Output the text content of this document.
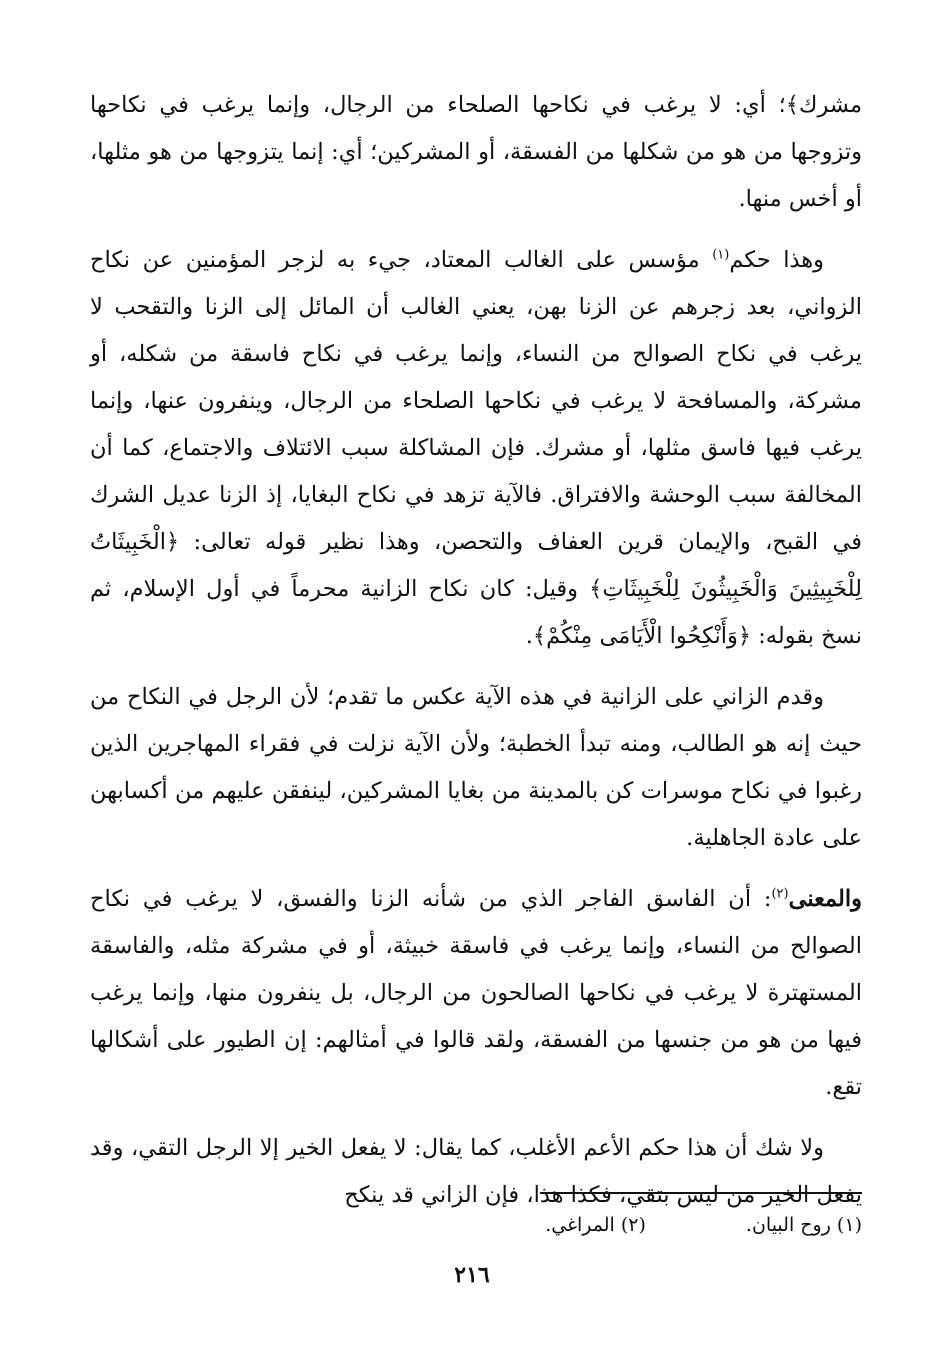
مشرك﴾؛ أي: لا يرغب في نكاحها الصلحاء من الرجال، وإنما يرغب في نكاحها وتزوجها من هو من شكلها من الفسقة، أو المشركين؛ أي: إنما يتزوجها من هو مثلها، أو أخس منها.

وهذا حكم$^{(١)}$ مؤسس على الغالب المعتاد، جيء به لزجر المؤمنين عن نكاح الزواني، بعد زجرهم عن الزنا بهن، يعني الغالب أن المائل إلى الزنا والتقحب لا يرغب في نكاح الصوالح من النساء، وإنما يرغب في نكاح فاسقة من شكله، أو مشركة، والمسافحة لا يرغب في نكاحها الصلحاء من الرجال، وينفرون عنها، وإنما يرغب فيها فاسق مثلها، أو مشرك. فإن المشاكلة سبب الائتلاف والاجتماع، كما أن المخالفة سبب الوحشة والافتراق. فالآية تزهد في نكاح البغايا، إذ الزنا عديل الشرك في القبح، والإيمان قرين العفاف والتحصن، وهذا نظير قوله تعالى: ﴿الْخَبِيثَاتُ لِلْخَبِيثِينَ وَالْخَبِيثُونَ لِلْخَبِيثَاتِ﴾ وقيل: كان نكاح الزانية محرماً في أول الإسلام، ثم نسخ بقوله: ﴿وَأَنْكِحُوا الْأَيَامَى مِنْكُمْ﴾.

وقدم الزاني على الزانية في هذه الآية عكس ما تقدم؛ لأن الرجل في النكاح من حيث إنه هو الطالب، ومنه تبدأ الخطبة؛ ولأن الآية نزلت في فقراء المهاجرين الذين رغبوا في نكاح موسرات كن بالمدينة من بغايا المشركين، لينفقن عليهم من أكسابهن على عادة الجاهلية.

والمعنى$^{(٢)}$: أن الفاسق الفاجر الذي من شأنه الزنا والفسق، لا يرغب في نكاح الصوالح من النساء، وإنما يرغب في فاسقة خبيثة، أو في مشركة مثله، والفاسقة المستهترة لا يرغب في نكاحها الصالحون من الرجال، بل ينفرون منها، وإنما يرغب فيها من هو من جنسها من الفسقة، ولقد قالوا في أمثالهم: إن الطيور على أشكالها تقع.

ولا شك أن هذا حكم الأعم الأغلب، كما يقال: لا يفعل الخير إلا الرجل التقي، وقد يفعل الخير من ليس بتقي، فكذا هذا، فإن الزاني قد ينكح

(١) روح البيان.
(٢) المراغي.
٢١٦
